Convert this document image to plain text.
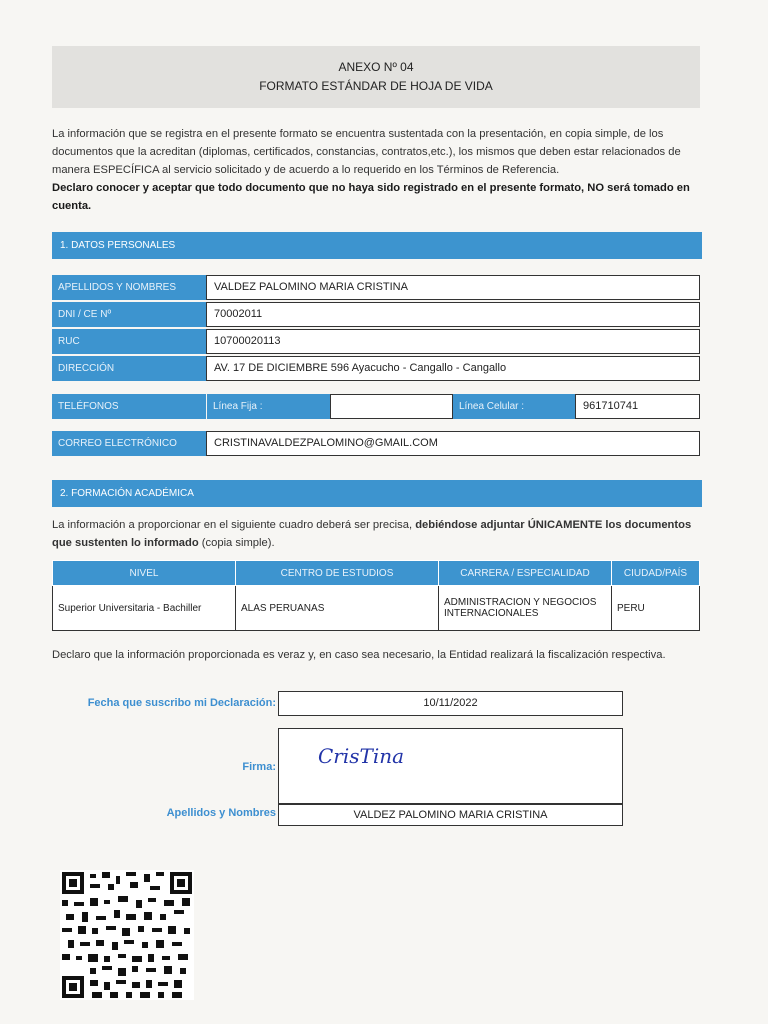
ANEXO Nº 04
FORMATO ESTÁNDAR DE HOJA DE VIDA
La información que se registra en el presente formato se encuentra sustentada con la presentación, en copia simple, de los documentos que la acreditan (diplomas, certificados, constancias, contratos,etc.), los mismos que deben estar relacionados de manera ESPECÍFICA al servicio solicitado y de acuerdo a lo requerido en los Términos de Referencia.
Declaro conocer y aceptar que todo documento que no haya sido registrado en el presente formato, NO será tomado en cuenta.
1. DATOS PERSONALES
APELLIDOS Y NOMBRES	VALDEZ PALOMINO MARIA CRISTINA
DNI / CE Nº	70002011
RUC	10700020113
DIRECCIÓN	AV. 17 DE DICIEMBRE 596 Ayacucho - Cangallo - Cangallo
TELÉFONOS	Línea Fija :	Línea Celular :	961710741
CORREO ELECTRÓNICO	CRISTINAVALDEZPALOMINO@GMAIL.COM
2. FORMACIÓN ACADÉMICA
La información a proporcionar en el siguiente cuadro deberá ser precisa, debiéndose adjuntar ÚNICAMENTE los documentos que sustenten lo informado (copia simple).
NIVEL	CENTRO DE ESTUDIOS	CARRERA / ESPECIALIDAD	CIUDAD/PAÍS
Superior Universitaria - Bachiller	ALAS PERUANAS	ADMINISTRACION Y NEGOCIOS INTERNACIONALES	PERU
Declaro que la información proporcionada es veraz y, en caso sea necesario, la Entidad realizará la fiscalización respectiva.
Fecha que suscribo mi Declaración:	10/11/2022
Firma: CrisTina
Apellidos y Nombres	VALDEZ PALOMINO MARIA CRISTINA
